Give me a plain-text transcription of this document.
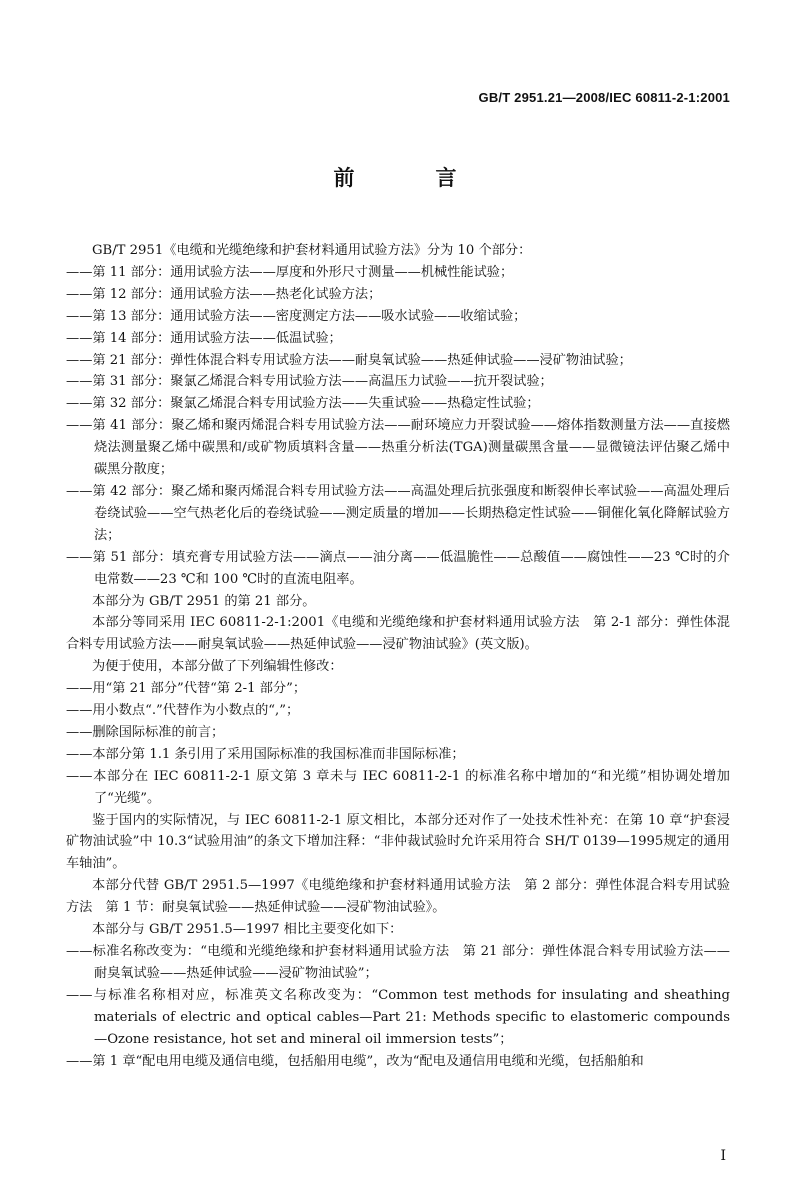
GB/T 2951.21—2008/IEC 60811-2-1:2001
前　言

GB/T 2951《电缆和光缆绝缘和护套材料通用试验方法》分为 10 个部分：

——第 11 部分：通用试验方法——厚度和外形尺寸测量——机械性能试验；

——第 12 部分：通用试验方法——热老化试验方法；

——第 13 部分：通用试验方法——密度测定方法——吸水试验——收缩试验；

——第 14 部分：通用试验方法——低温试验；

——第 21 部分：弹性体混合料专用试验方法——耐臭氧试验——热延伸试验——浸矿物油试验；

——第 31 部分：聚氯乙烯混合料专用试验方法——高温压力试验——抗开裂试验；

——第 32 部分：聚氯乙烯混合料专用试验方法——失重试验——热稳定性试验；

——第 41 部分：聚乙烯和聚丙烯混合料专用试验方法——耐环境应力开裂试验——熔体指数测量方法——直接燃烧法测量聚乙烯中碳黑和/或矿物质填料含量——热重分析法(TGA)测量碳黑含量——显微镜法评估聚乙烯中碳黑分散度；

——第 42 部分：聚乙烯和聚丙烯混合料专用试验方法——高温处理后抗张强度和断裂伸长率试验——高温处理后卷绕试验——空气热老化后的卷绕试验——测定质量的增加——长期热稳定性试验——铜催化氧化降解试验方法；

——第 51 部分：填充膏专用试验方法——滴点——油分离——低温脆性——总酸值——腐蚀性——23 ℃时的介电常数——23 ℃和 100 ℃时的直流电阻率。

本部分为 GB/T 2951 的第 21 部分。

本部分等同采用 IEC 60811-2-1:2001《电缆和光缆绝缘和护套材料通用试验方法　第 2-1 部分：弹性体混合料专用试验方法——耐臭氧试验——热延伸试验——浸矿物油试验》(英文版)。

为便于使用，本部分做了下列编辑性修改：

——用“第 21 部分”代替“第 2-1 部分”；

——用小数点“.”代替作为小数点的“,”；

——删除国际标准的前言；

——本部分第 1.1 条引用了采用国际标准的我国标准而非国际标准；

——本部分在 IEC 60811-2-1 原文第 3 章未与 IEC 60811-2-1 的标准名称中增加的“和光缆”相协调处增加了“光缆”。

鉴于国内的实际情况，与 IEC 60811-2-1 原文相比，本部分还对作了一处技术性补充：在第 10 章“护套浸矿物油试验”中 10.3“试验用油”的条文下增加注释：“非仲裁试验时允许采用符合 SH/T 0139—1995规定的通用车轴油”。

本部分代替 GB/T 2951.5—1997《电缆绝缘和护套材料通用试验方法　第 2 部分：弹性体混合料专用试验方法　第 1 节：耐臭氧试验——热延伸试验——浸矿物油试验》。

本部分与 GB/T 2951.5—1997 相比主要变化如下：

——标准名称改变为：“电缆和光缆绝缘和护套材料通用试验方法　第 21 部分：弹性体混合料专用试验方法——耐臭氧试验——热延伸试验——浸矿物油试验”；

——与标准名称相对应，标准英文名称改变为：“Common test methods for insulating and sheathing materials of electric and optical cables—Part 21: Methods specific to elastomeric compounds—Ozone resistance, hot set and mineral oil immersion tests”；

——第 1 章“配电用电缆及通信电缆，包括船用电缆”，改为“配电及通信用电缆和光缆，包括船舶和

I
